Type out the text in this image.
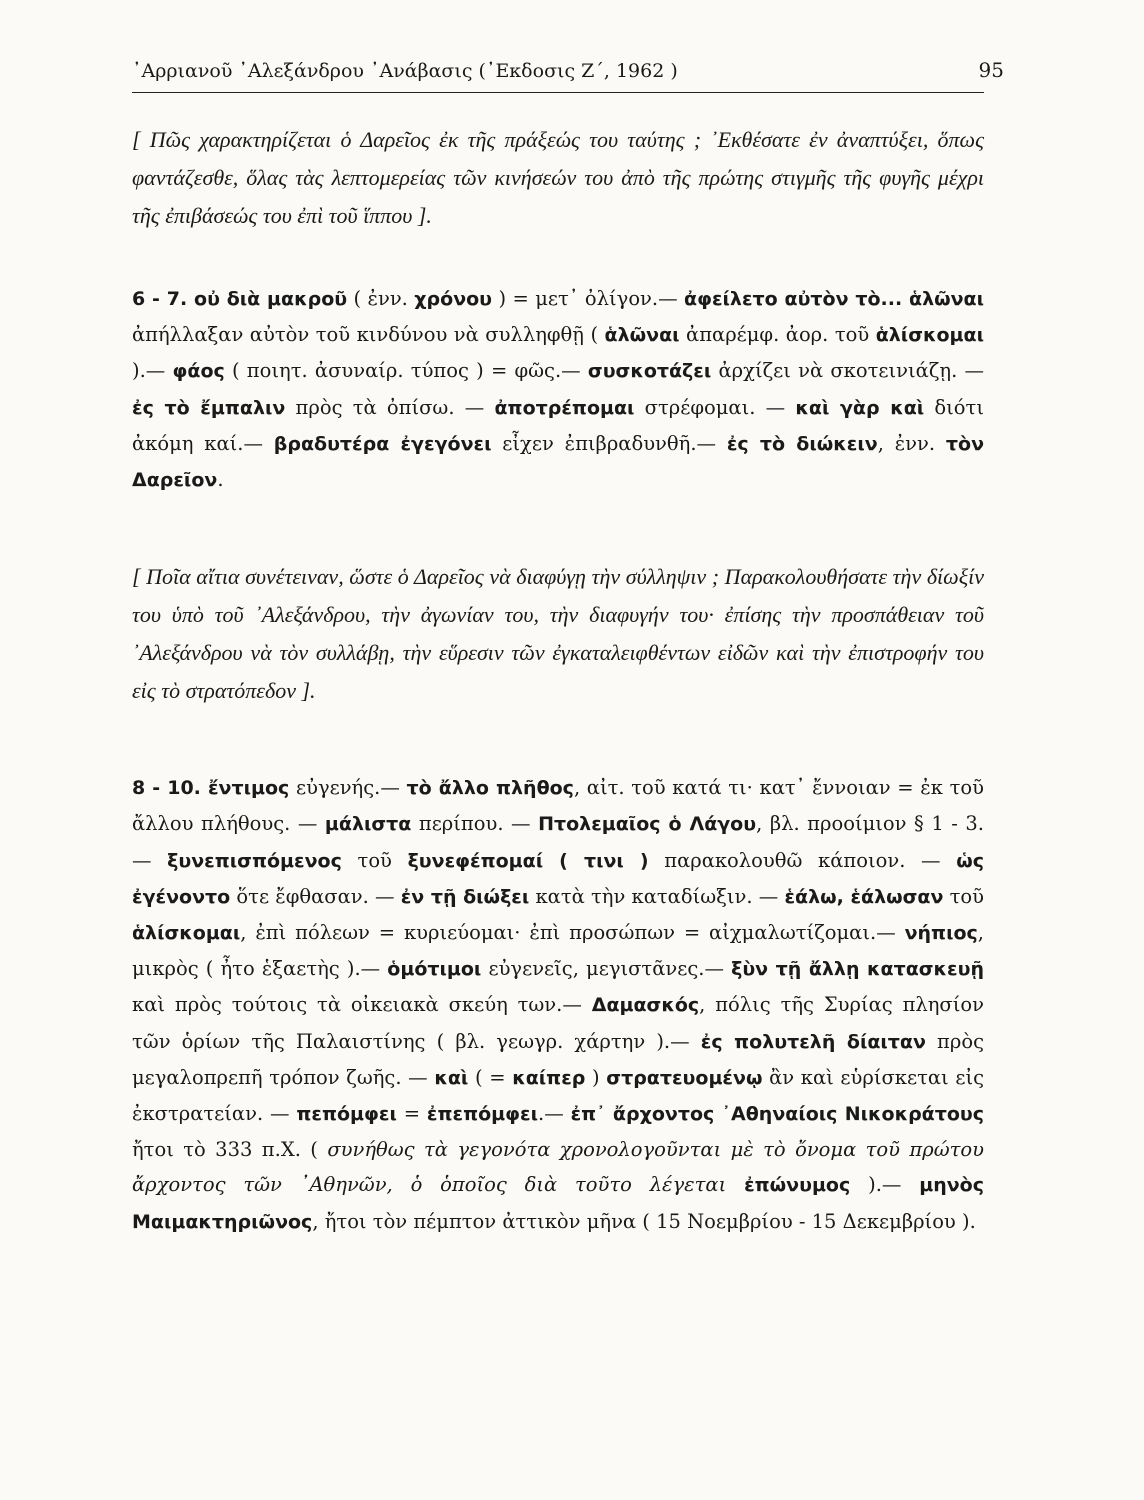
᾿Αρριανοῦ ᾿Αλεξάνδρου ᾿Ανάβασις (᾿Εκδοσις Ζ΄, 1962 )	95

[ Πῶς χαρακτηρίζεται ὁ Δαρεῖος ἐκ τῆς πράξεώς του ταύτης ; ᾿Εκθέσατε ἐν ἀναπτύξει, ὅπως φαντάζεσθε, ὅλας τὰς λεπτομερείας τῶν κινήσεών του ἀπὸ τῆς πρώτης στιγμῆς τῆς φυγῆς μέχρι τῆς ἐπιβάσεώς του ἐπὶ τοῦ ἵππου ].

6 - 7. οὐ διὰ μακροῦ ( ἐνν. χρόνου ) = μετ᾿ ὀλίγον.— ἀφείλετο αὐτὸν τὸ... ἁλῶναι ἀπήλλαξαν αὐτὸν τοῦ κινδύνου νὰ συλληφθῇ ( ἁλῶναι ἀπαρέμφ. ἀορ. τοῦ ἁλίσκομαι ).— φάος ( ποιητ. ἀσυναίρ. τύπος ) = φῶς.— συσκοτάζει ἀρχίζει νὰ σκοτεινιάζῃ. — ἐς τὸ ἔμπαλιν πρὸς τὰ ὀπίσω. — ἀποτρέπομαι στρέφομαι. — καὶ γὰρ καὶ διότι ἀκόμη καί.— βραδυτέρα ἐγεγόνει εἶχεν ἐπιβραδυνθῆ.— ἐς τὸ διώκειν, ἐνν. τὸν Δαρεῖον.

[ Ποῖα αἴτια συνέτειναν, ὥστε ὁ Δαρεῖος νὰ διαφύγῃ τὴν σύλληψιν ; Παρακολουθήσατε τὴν δίωξίν του ὑπὸ τοῦ ᾿Αλεξάνδρου, τὴν ἀγωνίαν του, τὴν διαφυγήν του· ἐπίσης τὴν προσπάθειαν τοῦ ᾿Αλεξάνδρου νὰ τὸν συλλάβῃ, τὴν εὕρεσιν τῶν ἐγκαταλειφθέντων εἰδῶν καὶ τὴν ἐπιστροφήν του εἰς τὸ στρατόπεδον ].

8 - 10. ἔντιμος εὐγενής.— τὸ ἄλλο πλῆθος, αἰτ. τοῦ κατά τι· κατ᾿ ἔννοιαν = ἐκ τοῦ ἄλλου πλήθους. — μάλιστα περίπου. — Πτολεμαῖος ὁ Λάγου, βλ. προοίμιον § 1 - 3.— ξυνεπισπόμενος τοῦ ξυνεφέπομαί ( τινι ) παρακολουθῶ κάποιον. — ὡς ἐγένοντο ὅτε ἔφθασαν. — ἐν τῇ διώξει κατὰ τὴν καταδίωξιν. — ἑάλω, ἑάλωσαν τοῦ ἁλίσκομαι, ἐπὶ πόλεων = κυριεύομαι· ἐπὶ προσώπων = αἰχμαλωτίζομαι.— νήπιος, μικρὸς ( ἦτο ἑξαετὴς ).— ὁμότιμοι εὐγενεῖς, μεγιστᾶνες.— ξὺν τῇ ἄλλῃ κατασκευῇ καὶ πρὸς τούτοις τὰ οἰκειακὰ σκεύη των.— Δαμασκός, πόλις τῆς Συρίας πλησίον τῶν ὁρίων τῆς Παλαιστίνης ( βλ. γεωγρ. χάρτην ).— ἐς πολυτελῆ δίαιταν πρὸς μεγαλοπρεπῆ τρόπον ζωῆς. — καὶ ( = καίπερ ) στρατευομένῳ ἂν καὶ εὑρίσκεται εἰς ἐκστρατείαν. — πεπόμφει = ἐπεπόμφει.— ἐπ᾿ ἄρχοντος ᾿Αθηναίοις Νικοκράτους ἤτοι τὸ 333 π.Χ. ( συνήθως τὰ γεγονότα χρονολογοῦνται μὲ τὸ ὄνομα τοῦ πρώτου ἄρχοντος τῶν ᾿Αθηνῶν, ὁ ὁποῖος διὰ τοῦτο λέγεται ἐπώνυμος ).— μηνὸς Μαιμακτηριῶνος, ἤτοι τὸν πέμπτον ἀττικὸν μῆνα ( 15 Νοεμβρίου - 15 Δεκεμβρίου ).
